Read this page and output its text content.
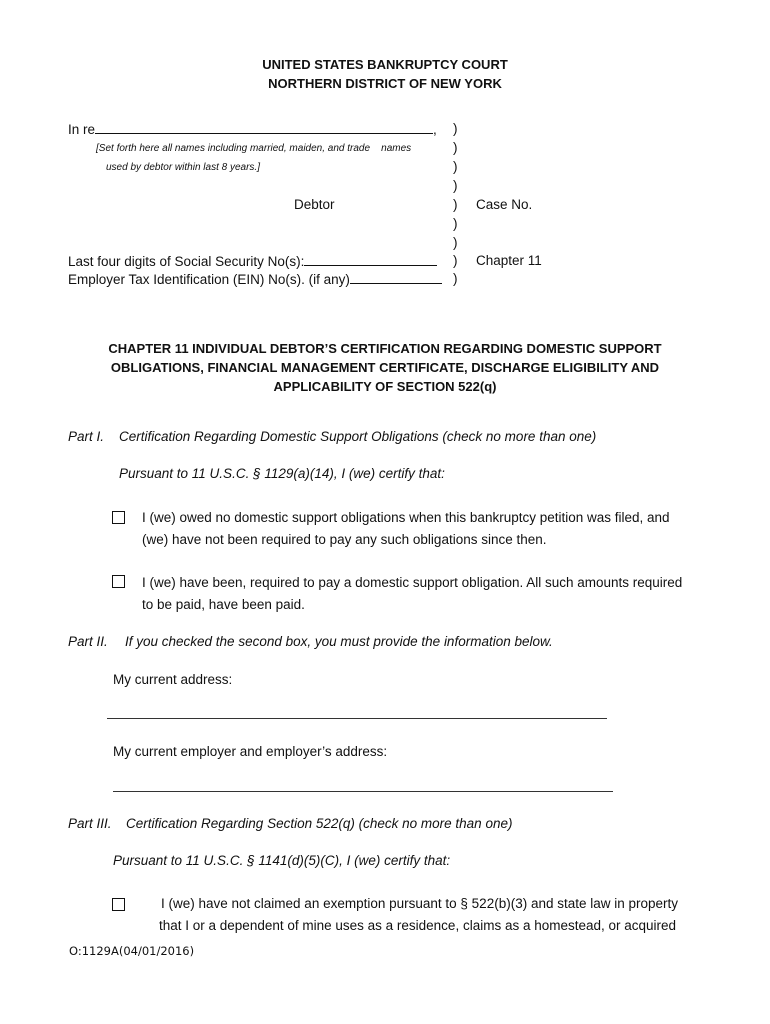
UNITED STATES BANKRUPTCY COURT
NORTHERN DISTRICT OF NEW YORK
In re	,
[Set forth here all names including married, maiden, and trade names
used by debtor within last 8 years.]
Debtor	Case No.
Last four digits of Social Security No(s):
Employer Tax Identification (EIN) No(s). (if any)
Chapter 11
)
)
)
)
)
)
)
)
)
CHAPTER 11 INDIVIDUAL DEBTOR’S CERTIFICATION REGARDING DOMESTIC SUPPORT
OBLIGATIONS, FINANCIAL MANAGEMENT CERTIFICATE, DISCHARGE ELIGIBILITY AND
APPLICABILITY OF SECTION 522(q)
Part I. Certification Regarding Domestic Support Obligations (check no more than one)
Pursuant to 11 U.S.C. § 1129(a)(14), I (we) certify that:
I (we) owed no domestic support obligations when this bankruptcy petition was filed, and
(we) have not been required to pay any such obligations since then.
I (we) have been, required to pay a domestic support obligation. All such amounts required
to be paid, have been paid.
Part II. If you checked the second box, you must provide the information below.
My current address:
My current employer and employer’s address:
Part III. Certification Regarding Section 522(q) (check no more than one)
Pursuant to 11 U.S.C. § 1141(d)(5)(C), I (we) certify that:
I (we) have not claimed an exemption pursuant to § 522(b)(3) and state law in property
that I or a dependent of mine uses as a residence, claims as a homestead, or acquired
O:1129A(04/01/2016)
